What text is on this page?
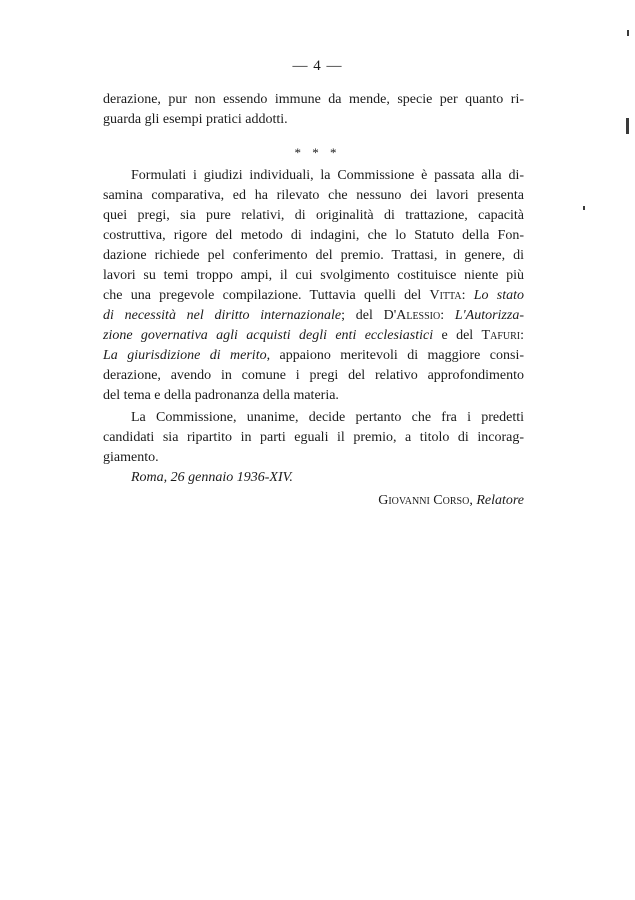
— 4 —
derazione, pur non essendo immune da mende, specie per quanto ri-
guarda gli esempi pratici addotti.
* * *
Formulati i giudizi individuali, la Commissione è passata alla di-
samina comparativa, ed ha rilevato che nessuno dei lavori presenta
quei pregi, sia pure relativi, di originalità di trattazione, capacità
costruttiva, rigore del metodo di indagini, che lo Statuto della Fon-
dazione richiede pel conferimento del premio. Trattasi, in genere, di
lavori su temi troppo ampi, il cui svolgimento costituisce niente più
che una pregevole compilazione. Tuttavia quelli del Vitta: Lo stato
di necessità nel diritto internazionale; del D'Alessio: L'Autorizza-
zione governativa agli acquisti degli enti ecclesiastici e del Tafuri:
La giurisdizione di merito, appaiono meritevoli di maggiore consi-
derazione, avendo in comune i pregi del relativo approfondimento
del tema e della padronanza della materia.
La Commissione, unanime, decide pertanto che fra i predetti
candidati sia ripartito in parti eguali il premio, a titolo di incorag-
giamento.
Roma, 26 gennaio 1936-XIV.
Giovanni Corso, Relatore
